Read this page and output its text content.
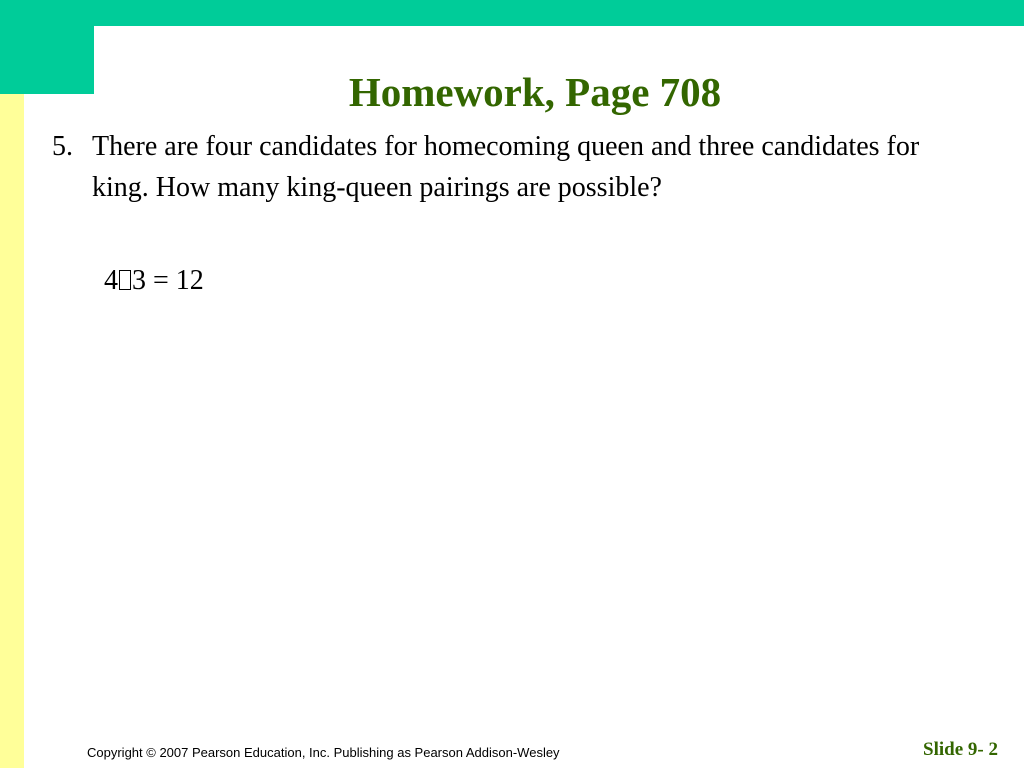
Homework, Page 708
5. There are four candidates for homecoming queen and three candidates for king. How many king-queen pairings are possible?
4 3 = 12
Copyright © 2007 Pearson Education, Inc. Publishing as Pearson Addison-Wesley	Slide 9- 2
